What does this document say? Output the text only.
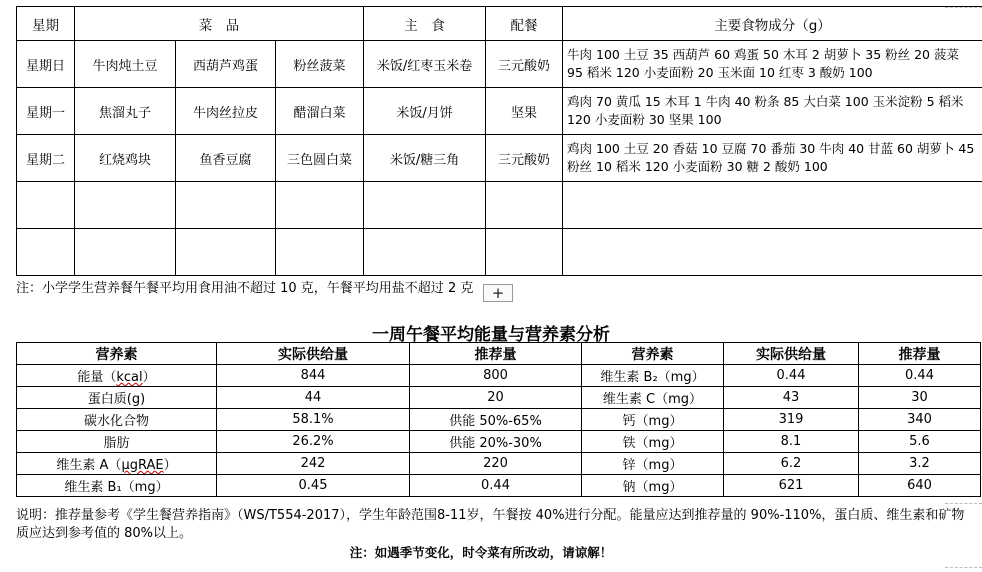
星期	菜　品			主　食	配餐	主要食物成分（g）
星期日	牛肉炖土豆	西葫芦鸡蛋	粉丝菠菜	米饭/红枣玉米卷	三元酸奶	牛肉 100 土豆 35 西葫芦 60 鸡蛋 50 木耳 2 胡萝卜 35 粉丝 20 菠菜 95 稻米 120 小麦面粉 20 玉米面 10 红枣 3 酸奶 100
星期一	焦溜丸子	牛肉丝拉皮	醋溜白菜	米饭/月饼	坚果	鸡肉 70 黄瓜 15 木耳 1 牛肉 40 粉条 85 大白菜 100 玉米淀粉 5 稻米 120 小麦面粉 30 坚果 100
星期二	红烧鸡块	鱼香豆腐	三色圆白菜	米饭/糖三角	三元酸奶	鸡肉 100 土豆 20 香菇 10 豆腐 70 番茄 30 牛肉 40 甘蓝 60 胡萝卜 45 粉丝 10 稻米 120 小麦面粉 30 糖 2 酸奶 100

注：小学学生营养餐午餐平均用食用油不超过 10 克，午餐平均用盐不超过 2 克	+
一周午餐平均能量与营养素分析
营养素	实际供给量	推荐量	营养素	实际供给量	推荐量
能量（kcal）	844	800	维生素 B₂（mg）	0.44	0.44
蛋白质(g)	44	20	维生素 C（mg）	43	30
碳水化合物	58.1%	供能 50%-65%	钙（mg）	319	340
脂肪	26.2%	供能 20%-30%	铁（mg）	8.1	5.6
维生素 A（μgRAE）	242	220	锌（mg）	6.2	3.2
维生素 B₁（mg）	0.45	0.44	钠（mg）	621	640
说明：推荐量参考《学生餐营养指南》（WS/T554-2017），学生年龄范围8-11岁，午餐按 40%进行分配。能量应达到推荐量的 90%-110%，蛋白质、维生素和矿物质应达到参考值的 80%以上。
注：如遇季节变化，时令菜有所改动，请谅解！
